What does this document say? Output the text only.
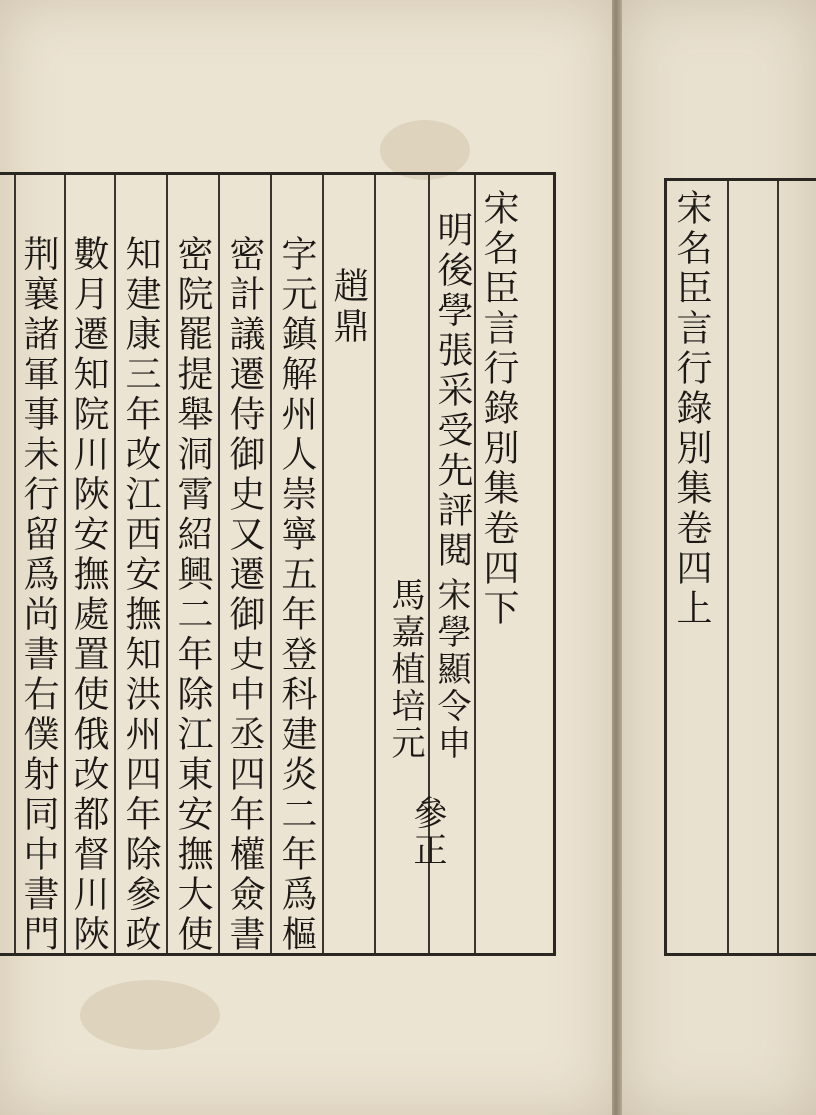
宋名臣言行錄別集卷四下
明後學張采受先評閱
宋學顯令申
馬嘉植培元
參正
趙鼎
字元鎮解州人崇寧五年登科建炎二年爲樞
密計議遷侍御史又遷御史中丞四年權僉書
密院罷提舉洞霄紹興二年除江東安撫大使
知建康三年改江西安撫知洪州四年除參政
數月遷知院川陜安撫處置使俄改都督川陜
荆襄諸軍事未行留爲尚書右僕射同中書門	宋名臣言行錄別集卷四上
